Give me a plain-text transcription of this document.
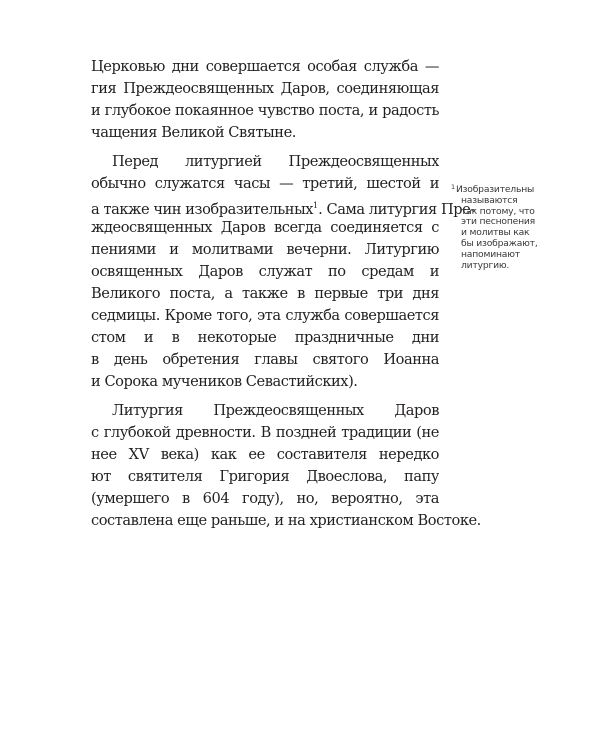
Церковью дни совершается особая служба —
гия Преждеосвященных Даров, соединяющая
и глубокое покаянное чувство поста, и радость
чащения Великой Святыне.
Перед литургией Преждеосвященных
обычно служатся часы — третий, шестой и
а также чин изобразительных$^1$. Сама литургия Пре-
ждеосвященных Даров всегда соединяется с
пениями и молитвами вечерни. Литургию
освященных Даров служат по средам и
Великого поста, а также в первые три дня
седмицы. Кроме того, эта служба совершается
стом и в некоторые праздничные дни
в день обретения главы святого Иоанна
и Сорока мучеников Севастийских).
Литургия Преждеосвященных Даров
с глубокой древности. В поздней традиции (не
нее XV века) как ее составителя нередко
ют святителя Григория Двоеслова, папу
(умершего в 604 году), но, вероятно, эта
составлена еще раньше, и на христианском Востоке.
$^1$Изобразительны
называются
так потому, что
эти песнопения
и молитвы как
бы изображают,
напоминают
литургию.
